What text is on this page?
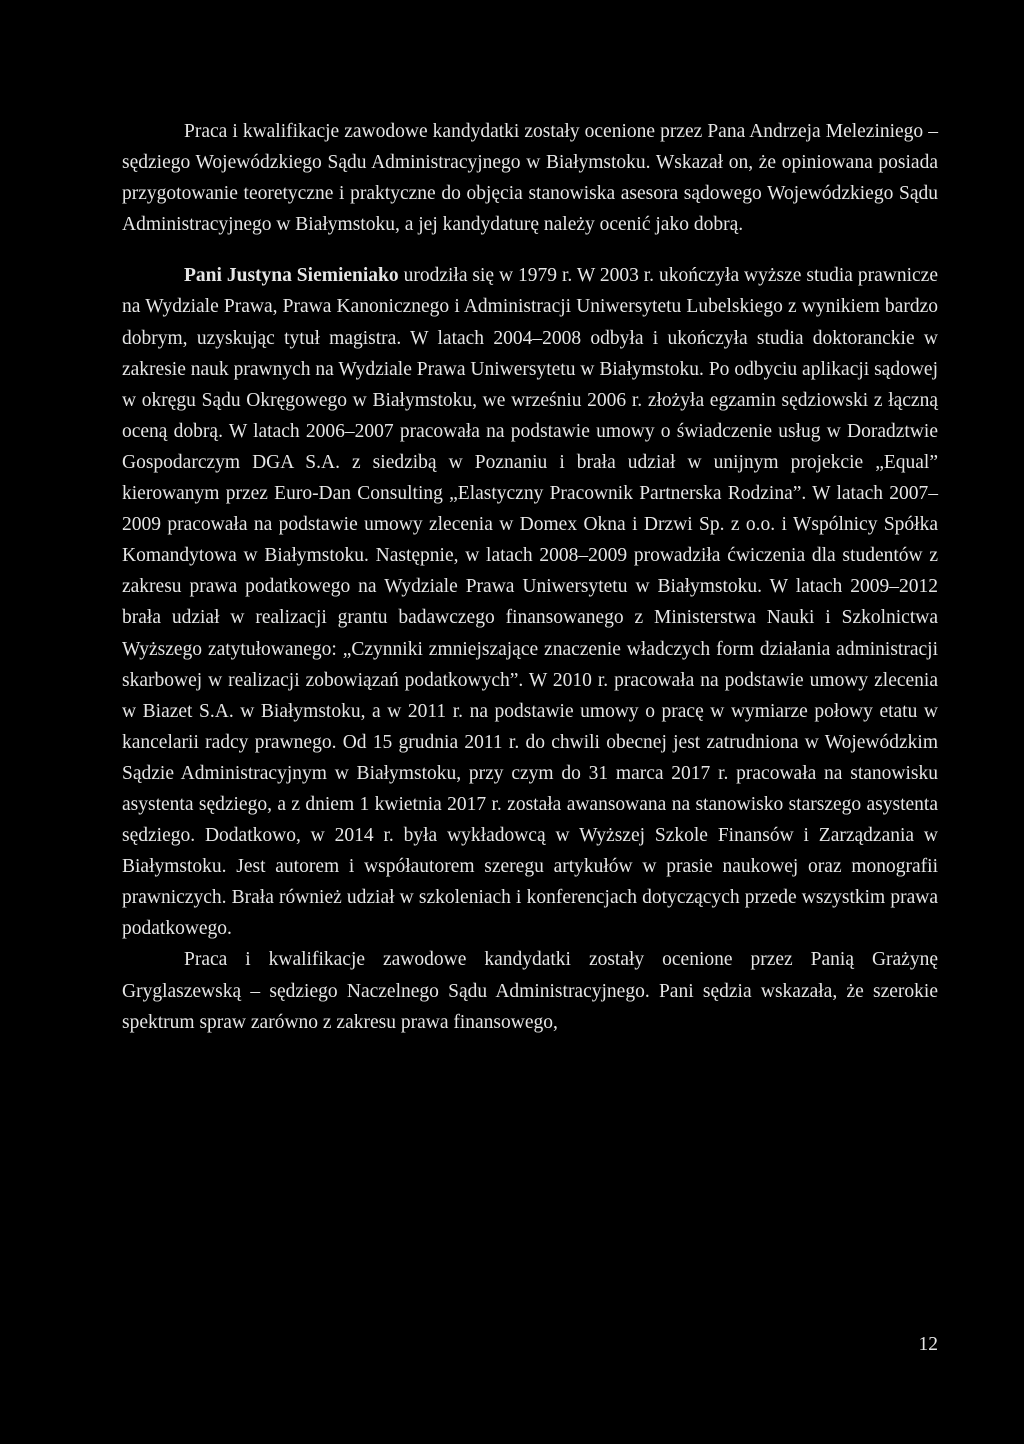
Praca i kwalifikacje zawodowe kandydatki zostały ocenione przez Pana Andrzeja Meleziniego – sędziego Wojewódzkiego Sądu Administracyjnego w Białymstoku. Wskazał on, że opiniowana posiada przygotowanie teoretyczne i praktyczne do objęcia stanowiska asesora sądowego Wojewódzkiego Sądu Administracyjnego w Białymstoku, a jej kandydaturę należy ocenić jako dobrą.

Pani Justyna Siemieniako urodziła się w 1979 r. W 2003 r. ukończyła wyższe studia prawnicze na Wydziale Prawa, Prawa Kanonicznego i Administracji Uniwersytetu Lubelskiego z wynikiem bardzo dobrym, uzyskując tytuł magistra. W latach 2004–2008 odbyła i ukończyła studia doktoranckie w zakresie nauk prawnych na Wydziale Prawa Uniwersytetu w Białymstoku. Po odbyciu aplikacji sądowej w okręgu Sądu Okręgowego w Białymstoku, we wrześniu 2006 r. złożyła egzamin sędziowski z łączną oceną dobrą. W latach 2006–2007 pracowała na podstawie umowy o świadczenie usług w Doradztwie Gospodarczym DGA S.A. z siedzibą w Poznaniu i brała udział w unijnym projekcie „Equal” kierowanym przez Euro-Dan Consulting „Elastyczny Pracownik Partnerska Rodzina”. W latach 2007–2009 pracowała na podstawie umowy zlecenia w Domex Okna i Drzwi Sp. z o.o. i Wspólnicy Spółka Komandytowa w Białymstoku. Następnie, w latach 2008–2009 prowadziła ćwiczenia dla studentów z zakresu prawa podatkowego na Wydziale Prawa Uniwersytetu w Białymstoku. W latach 2009–2012 brała udział w realizacji grantu badawczego finansowanego z Ministerstwa Nauki i Szkolnictwa Wyższego zatytułowanego: „Czynniki zmniejszające znaczenie władczych form działania administracji skarbowej w realizacji zobowiązań podatkowych”. W 2010 r. pracowała na podstawie umowy zlecenia w Biazet S.A. w Białymstoku, a w 2011 r. na podstawie umowy o pracę w wymiarze połowy etatu w kancelarii radcy prawnego. Od 15 grudnia 2011 r. do chwili obecnej jest zatrudniona w Wojewódzkim Sądzie Administracyjnym w Białymstoku, przy czym do 31 marca 2017 r. pracowała na stanowisku asystenta sędziego, a z dniem 1 kwietnia 2017 r. została awansowana na stanowisko starszego asystenta sędziego. Dodatkowo, w 2014 r. była wykładowcą w Wyższej Szkole Finansów i Zarządzania w Białymstoku. Jest autorem i współautorem szeregu artykułów w prasie naukowej oraz monografii prawniczych. Brała również udział w szkoleniach i konferencjach dotyczących przede wszystkim prawa podatkowego.

Praca i kwalifikacje zawodowe kandydatki zostały ocenione przez Panią Grażynę Gryglaszewską – sędziego Naczelnego Sądu Administracyjnego. Pani sędzia wskazała, że szerokie spektrum spraw zarówno z zakresu prawa finansowego,

12
